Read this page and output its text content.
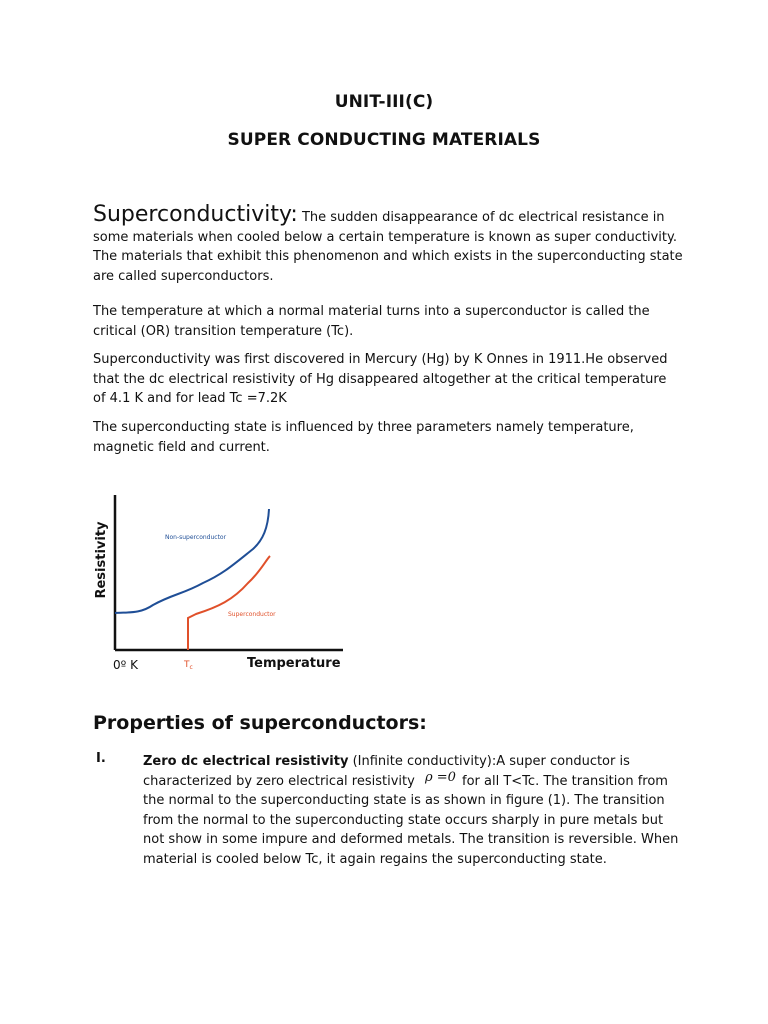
UNIT-III(C)
SUPER CONDUCTING MATERIALS
Superconductivity: The sudden disappearance of dc electrical resistance in some materials when cooled below a certain temperature is known as super conductivity. The materials that exhibit this phenomenon and which exists in the superconducting state are called superconductors.
The temperature at which a normal material turns into a superconductor is called the critical (OR) transition temperature (Tc).
Superconductivity was first discovered in Mercury (Hg) by K Onnes in 1911.He observed that the dc electrical resistivity of Hg disappeared altogether at the critical temperature of 4.1 K and for lead Tc =7.2K
The superconducting state is influenced by three parameters namely temperature, magnetic field and current.
Resistivity	Non-superconductor
Superconductor
0º K	$T_c$	Temperature
Properties of superconductors:
I.	Zero dc electrical resistivity (Infinite conductivity):A super conductor is characterized by zero electrical resistivity ρ =0 for all T<Tc. The transition from the normal to the superconducting state is as shown in figure (1). The transition from the normal to the superconducting state occurs sharply in pure metals but not show in some impure and deformed metals. The transition is reversible. When material is cooled below Tc, it again regains the superconducting state.
